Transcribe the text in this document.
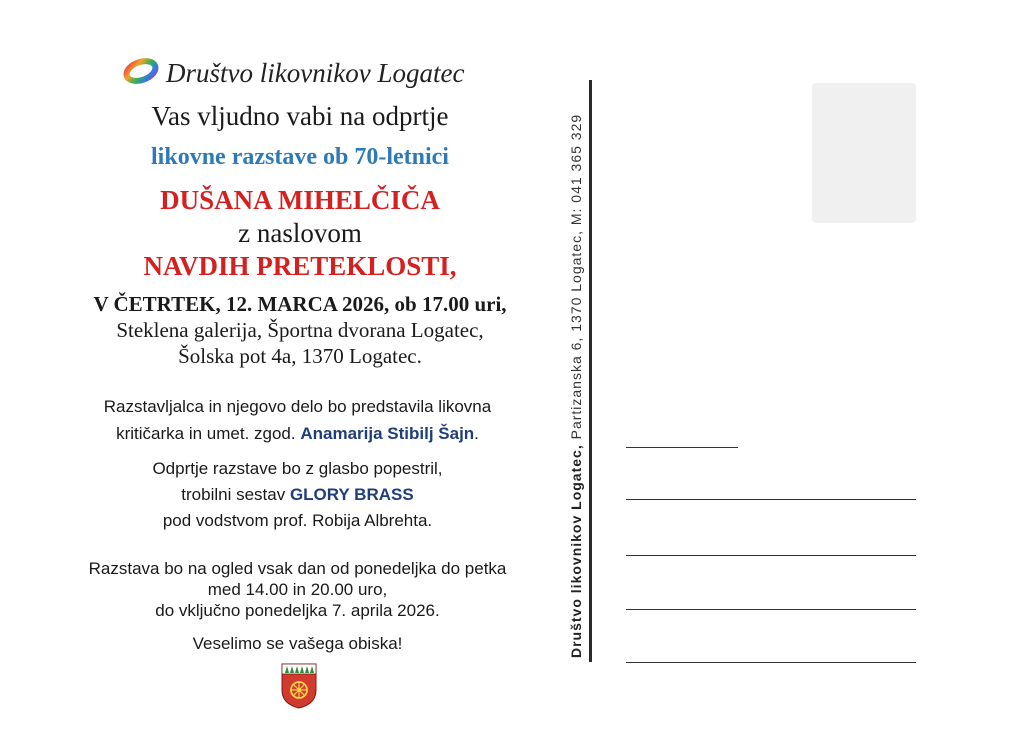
Društvo likovnikov Logatec
Vas vljudno vabi na odprtje
likovne razstave ob 70-letnici
DUŠANA MIHELČIČA
z naslovom
NAVDIH PRETEKLOSTI,
V ČETRTEK, 12. MARCA 2026, ob 17.00 uri,
Steklena galerija, Športna dvorana Logatec,
Šolska pot 4a, 1370 Logatec.
Razstavljalca in njegovo delo bo predstavila likovna
kritičarka in umet. zgod. Anamarija Stibilj Šajn.
Odprtje razstave bo z glasbo popestril,
trobilni sestav GLORY BRASS
pod vodstvom prof. Robija Albrehta.
Razstava bo na ogled vsak dan od ponedeljka do petka
med 14.00 in 20.00 uro,
do vključno ponedeljka 7. aprila 2026.
Veselimo se vašega obiska!	Društvo likovnikov Logatec, Partizanska 6, 1370 Logatec, M: 041 365 329
